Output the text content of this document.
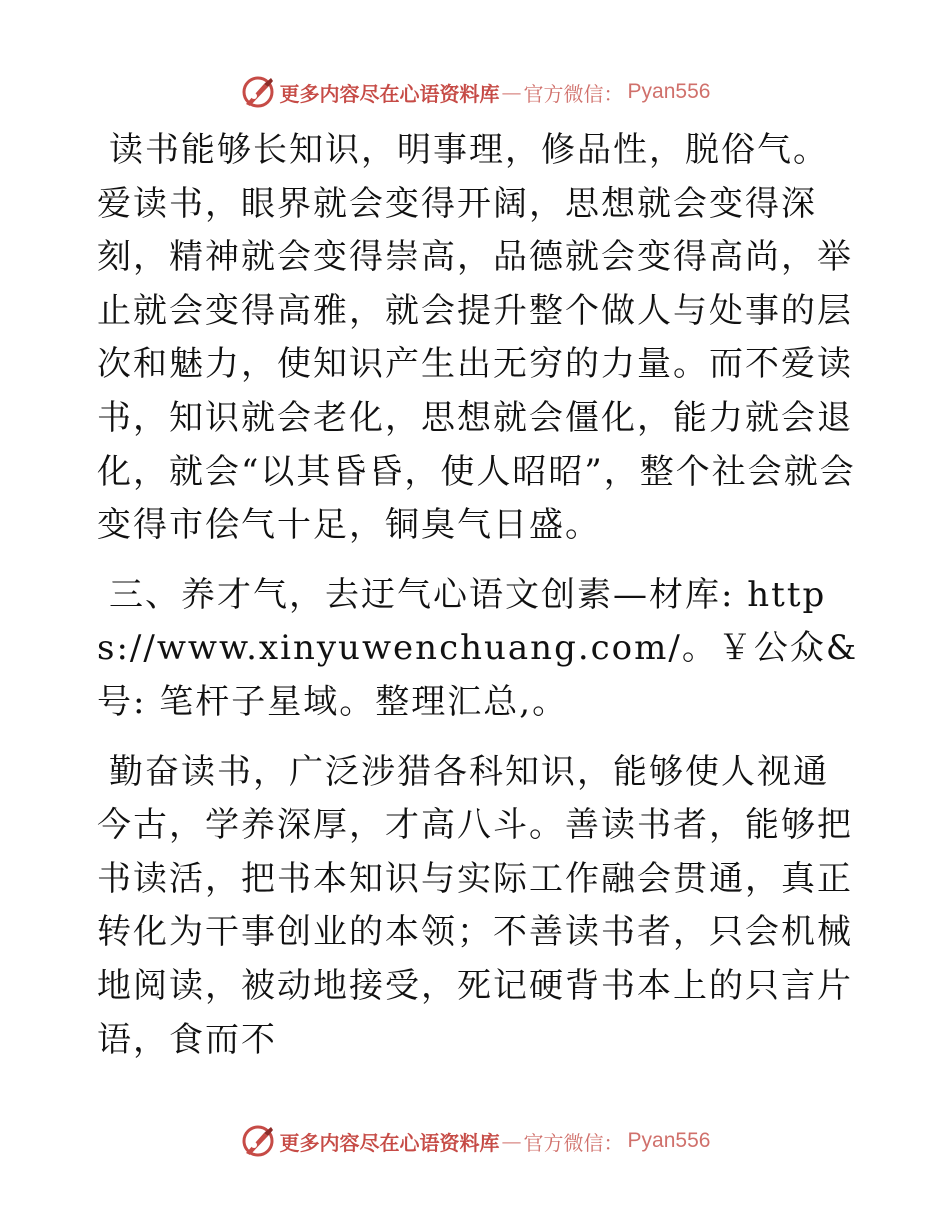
更多内容尽在心语资料库 — 官方微信： Pyan556

读书能够长知识，明事理，修品性，脱俗气。爱读书，眼界就会变得开阔，思想就会变得深刻，精神就会变得崇高，品德就会变得高尚，举止就会变得高雅，就会提升整个做人与处事的层次和魅力，使知识产生出无穷的力量。而不爱读书，知识就会老化，思想就会僵化，能力就会退化，就会“以其昏昏，使人昭昭”，整个社会就会变得市侩气十足，铜臭气日盛。

三、养才气，去迂气心语文创素—材库: https://www.xinyuwenchuang.com/。￥公众&号: 笔杆子星域。整理汇总,。

勤奋读书，广泛涉猎各科知识，能够使人视通今古，学养深厚，才高八斗。善读书者，能够把书读活，把书本知识与实际工作融会贯通，真正转化为干事创业的本领；不善读书者，只会机械地阅读，被动地接受，死记硬背书本上的只言片语，食而不

更多内容尽在心语资料库 — 官方微信： Pyan556
